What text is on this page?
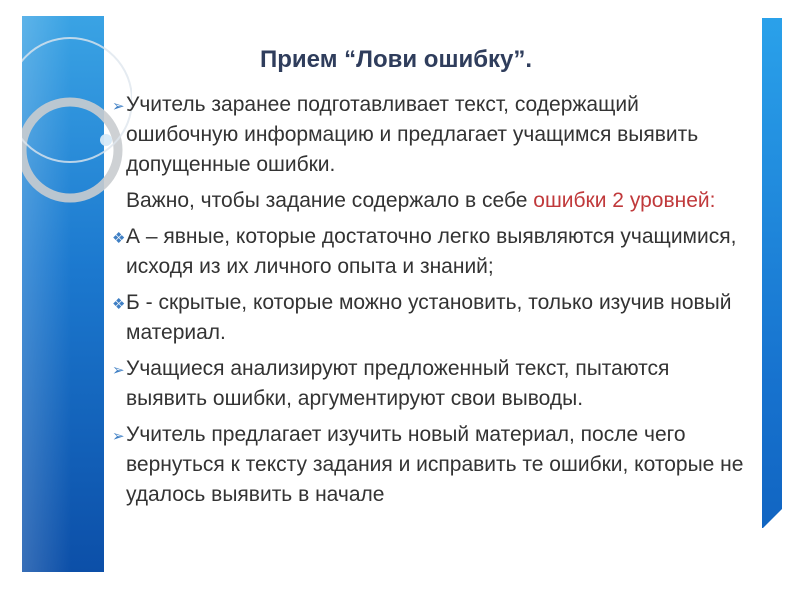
Прием “Лови ошибку”.
➢ Учитель заранее подготавливает текст, содержащий ошибочную информацию и предлагает учащимся выявить допущенные ошибки.
Важно, чтобы задание содержало в себе ошибки 2 уровней:
❖ А – явные, которые достаточно легко выявляются учащимися, исходя из их личного опыта и знаний;
❖ Б - скрытые, которые можно установить, только изучив новый материал.
➢ Учащиеся анализируют предложенный текст, пытаются выявить ошибки, аргументируют свои выводы.
➢ Учитель предлагает изучить новый материал, после чего вернуться к тексту задания и исправить те ошибки, которые не удалось выявить в начале
